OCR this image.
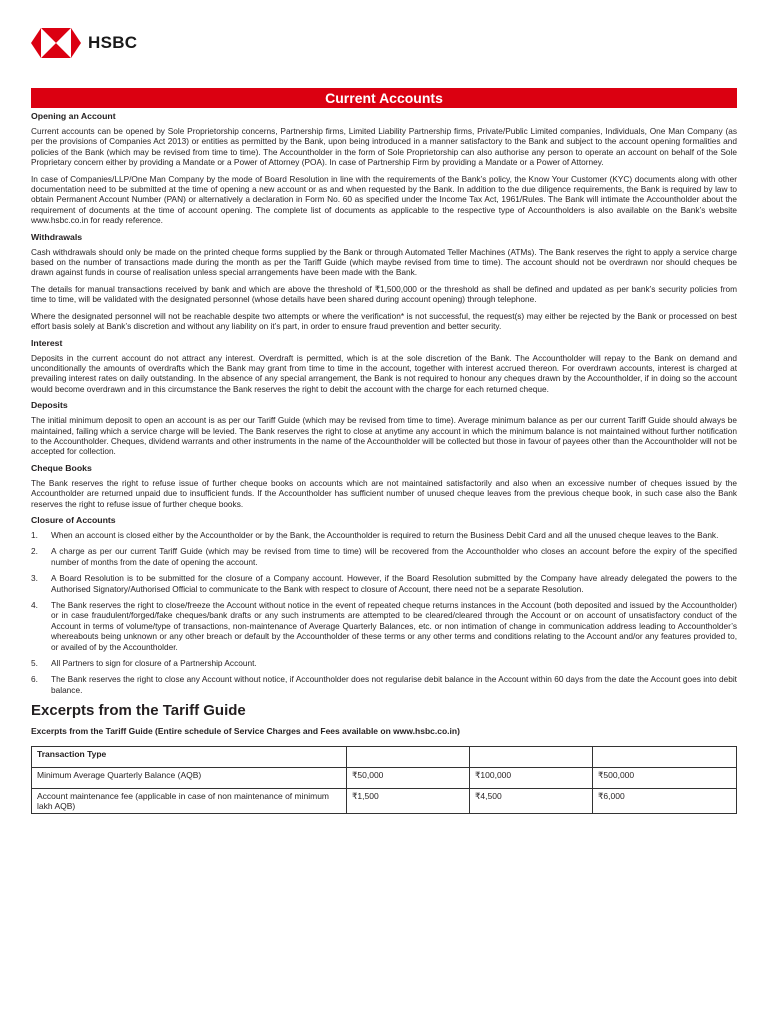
HSBC
Current Accounts
Opening an Account

Current accounts can be opened by Sole Proprietorship concerns, Partnership firms, Limited Liability Partnership firms, Private/Public Limited companies, Individuals, One Man Company (as per the provisions of Companies Act 2013) or entities as permitted by the Bank, upon being introduced in a manner satisfactory to the Bank and subject to the account opening formalities and policies of the Bank (which may be revised from time to time). The Accountholder in the form of Sole Proprietorship can also authorise any person to operate an account on behalf of the Sole Proprietary concern either by providing a Mandate or a Power of Attorney (POA). In case of Partnership Firm by providing a Mandate or a Power of Attorney.

In case of Companies/LLP/One Man Company by the mode of Board Resolution in line with the requirements of the Bank’s policy, the Know Your Customer (KYC) documents along with other documentation need to be submitted at the time of opening a new account or as and when requested by the Bank. In addition to the due diligence requirements, the Bank is required by law to obtain Permanent Account Number (PAN) or alternatively a declaration in Form No. 60 as specified under the Income Tax Act, 1961/Rules. The Bank will intimate the Accountholder about the requirement of documents at the time of account opening. The complete list of documents as applicable to the respective type of Accountholders is also available on the Bank’s website www.hsbc.co.in for ready reference.

Withdrawals

Cash withdrawals should only be made on the printed cheque forms supplied by the Bank or through Automated Teller Machines (ATMs). The Bank reserves the right to apply a service charge based on the number of transactions made during the month as per the Tariff Guide (which maybe revised from time to time). The account should not be overdrawn nor should cheques be drawn against funds in course of realisation unless special arrangements have been made with the Bank.

The details for manual transactions received by bank and which are above the threshold of ₹1,500,000 or the threshold as shall be defined and updated as per bank’s security policies from time to time, will be validated with the designated personnel (whose details have been shared during account opening) through telephone.

Where the designated personnel will not be reachable despite two attempts or where the verification* is not successful, the request(s) may either be rejected by the Bank or processed on best effort basis solely at Bank’s discretion and without any liability on it’s part, in order to ensure fraud prevention and better security.

Interest

Deposits in the current account do not attract any interest. Overdraft is permitted, which is at the sole discretion of the Bank. The Accountholder will repay to the Bank on demand and unconditionally the amounts of overdrafts which the Bank may grant from time to time in the account, together with interest accrued thereon. For overdrawn accounts, interest is charged at prevailing interest rates on daily outstanding. In the absence of any special arrangement, the Bank is not required to honour any cheques drawn by the Accountholder, if in doing so the account would become overdrawn and in this circumstance the Bank reserves the right to debit the account with the charge for each returned cheque.

Deposits

The initial minimum deposit to open an account is as per our Tariff Guide (which may be revised from time to time). Average minimum balance as per our current Tariff Guide should always be maintained, failing which a service charge will be levied. The Bank reserves the right to close at anytime any account in which the minimum balance is not maintained without further notification to the Accountholder. Cheques, dividend warrants and other instruments in the name of the Accountholder will be collected but those in favour of payees other than the Accountholder will not be accepted for collection.

Cheque Books

The Bank reserves the right to refuse issue of further cheque books on accounts which are not maintained satisfactorily and also when an excessive number of cheques issued by the Accountholder are returned unpaid due to insufficient funds. If the Accountholder has sufficient number of unused cheque leaves from the previous cheque book, in such case also the Bank reserves the right to refuse issue of further cheque books.

Closure of Accounts
1. When an account is closed either by the Accountholder or by the Bank, the Accountholder is required to return the Business Debit Card and all the unused cheque leaves to the Bank.
2. A charge as per our current Tariff Guide (which may be revised from time to time) will be recovered from the Accountholder who closes an account before the expiry of the specified number of months from the date of opening the account.
3. A Board Resolution is to be submitted for the closure of a Company account. However, if the Board Resolution submitted by the Company have already delegated the powers to the Authorised Signatory/Authorised Official to communicate to the Bank with respect to closure of Account, there need not be a separate Resolution.
4. The Bank reserves the right to close/freeze the Account without notice in the event of repeated cheque returns instances in the Account (both deposited and issued by the Accountholder) or in case fraudulent/forged/fake cheques/bank drafts or any such instruments are attempted to be cleared/cleared through the Account or on account of unsatisfactory conduct of the Account in terms of volume/type of transactions, non-maintenance of Average Quarterly Balances, etc. or non intimation of change in communication address leading to Accountholder’s whereabouts being unknown or any other breach or default by the Accountholder of these terms or any other terms and conditions relating to the Account and/or any features provided to, or availed of by the Accountholder.
5. All Partners to sign for closure of a Partnership Account.
6. The Bank reserves the right to close any Account without notice, if Accountholder does not regularise debit balance in the Account within 60 days from the date the Account goes into debit balance.
Excerpts from the Tariff Guide
Excerpts from the Tariff Guide (Entire schedule of Service Charges and Fees available on www.hsbc.co.in)
Transaction Type			
Minimum Average Quarterly Balance (AQB)	₹50,000	₹100,000	₹500,000
Account maintenance fee (applicable in case of non maintenance of minimum lakh AQB)	₹1,500	₹4,500	₹6,000
